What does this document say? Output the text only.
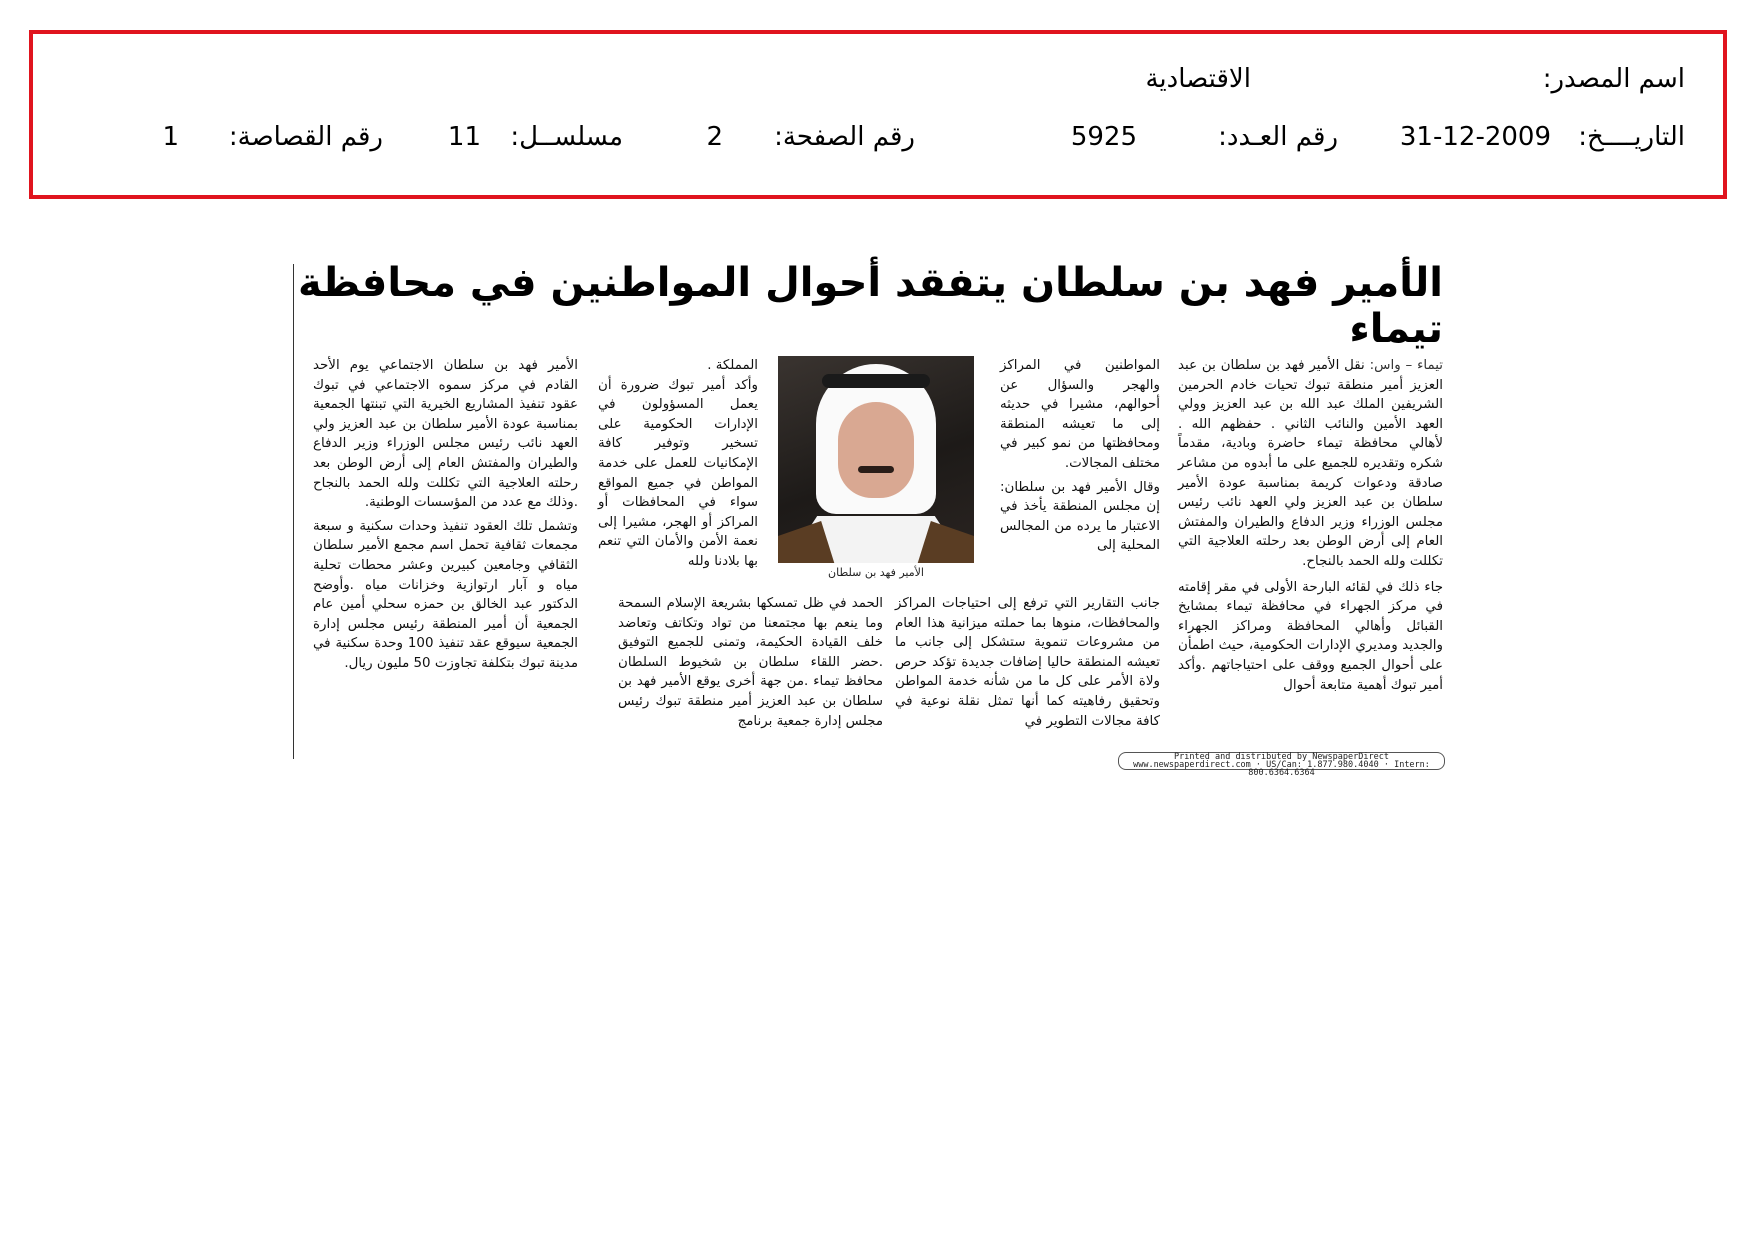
اسم المصدر:
الاقتصادية
التاريــــخ:
31-12-2009
رقم العـدد:
5925
رقم الصفحة:
2
مسلســل:
11
رقم القصاصة:
1
الأمير فهد بن سلطان يتفقد أحوال المواطنين في محافظة تيماء

تيماء – واس: نقل الأمير فهد بن سلطان بن عبد العزيز أمير منطقة تبوك تحيات خادم الحرمين الشريفين الملك عبد الله بن عبد العزيز وولي العهد الأمين والنائب الثاني . حفظهم الله . لأهالي محافظة تيماء حاضرة وبادية، مقدماً شكره وتقديره للجميع على ما أبدوه من مشاعر صادقة ودعوات كريمة بمناسبة عودة الأمير سلطان بن عبد العزيز ولي العهد نائب رئيس مجلس الوزراء وزير الدفاع والطيران والمفتش العام إلى أرض الوطن بعد رحلته العلاجية التي تكللت ولله الحمد بالنجاح.

جاء ذلك في لقائه البارحة الأولى في مقر إقامته في مركز الجهراء في محافظة تيماء بمشايخ القبائل وأهالي المحافظة ومراكز الجهراء والجديد ومديري الإدارات الحكومية، حيث اطمأن على أحوال الجميع ووقف على احتياجاتهم .وأكد أمير تبوك أهمية متابعة أحوال

المواطنين في المراكز والهجر والسؤال عن أحوالهم، مشيرا في حديثه إلى ما تعيشه المنطقة ومحافظتها من نمو كبير في مختلف المجالات.

وقال الأمير فهد بن سلطان: إن مجلس المنطقة يأخذ في الاعتبار ما يرده من المجالس المحلية إلى

جانب التقارير التي ترفع إلى احتياجات المراكز والمحافظات، منوها بما حملته ميزانية هذا العام من مشروعات تنموية ستشكل إلى جانب ما تعيشه المنطقة حاليا إضافات جديدة تؤكد حرص ولاة الأمر على كل ما من شأنه خدمة المواطن وتحقيق رفاهيته كما أنها تمثل نقلة نوعية في كافة مجالات التطوير في

الأمير فهد بن سلطان

المملكة .

وأكد أمير تبوك ضرورة أن يعمل المسؤولون في الإدارات الحكومية على تسخير وتوفير كافة الإمكانيات للعمل على خدمة المواطن في جميع المواقع سواء في المحافظات أو المراكز أو الهجر، مشيرا إلى نعمة الأمن والأمان التي تنعم بها بلادنا ولله

الحمد في ظل تمسكها بشريعة الإسلام السمحة وما ينعم بها مجتمعنا من تواد وتكاتف وتعاضد خلف القيادة الحكيمة، وتمنى للجميع التوفيق .حضر اللقاء سلطان بن شخيوط السلطان محافظ تيماء .من جهة أخرى يوقع الأمير فهد بن سلطان بن عبد العزيز أمير منطقة تبوك رئيس مجلس إدارة جمعية برنامج

الأمير فهد بن سلطان الاجتماعي يوم الأحد القادم في مركز سموه الاجتماعي في تبوك عقود تنفيذ المشاريع الخيرية التي تبنتها الجمعية بمناسبة عودة الأمير سلطان بن عبد العزيز ولي العهد نائب رئيس مجلس الوزراء وزير الدفاع والطيران والمفتش العام إلى أرض الوطن بعد رحلته العلاجية التي تكللت ولله الحمد بالنجاح .وذلك مع عدد من المؤسسات الوطنية.

وتشمل تلك العقود تنفيذ وحدات سكنية و سبعة مجمعات ثقافية تحمل اسم مجمع الأمير سلطان الثقافي وجامعين كبيرين وعشر محطات تحلية مياه و آبار ارتوازية وخزانات مياه .وأوضح الدكتور عبد الخالق بن حمزه سحلي أمين عام الجمعية أن أمير المنطقة رئيس مجلس إدارة الجمعية سيوقع عقد تنفيذ 100 وحدة سكنية في مدينة تبوك بتكلفة تجاوزت 50 مليون ريال.

Printed and distributed by NewspaperDirect
www.newspaperdirect.com · US/Can: 1.877.980.4040 · Intern: 800.6364.6364
